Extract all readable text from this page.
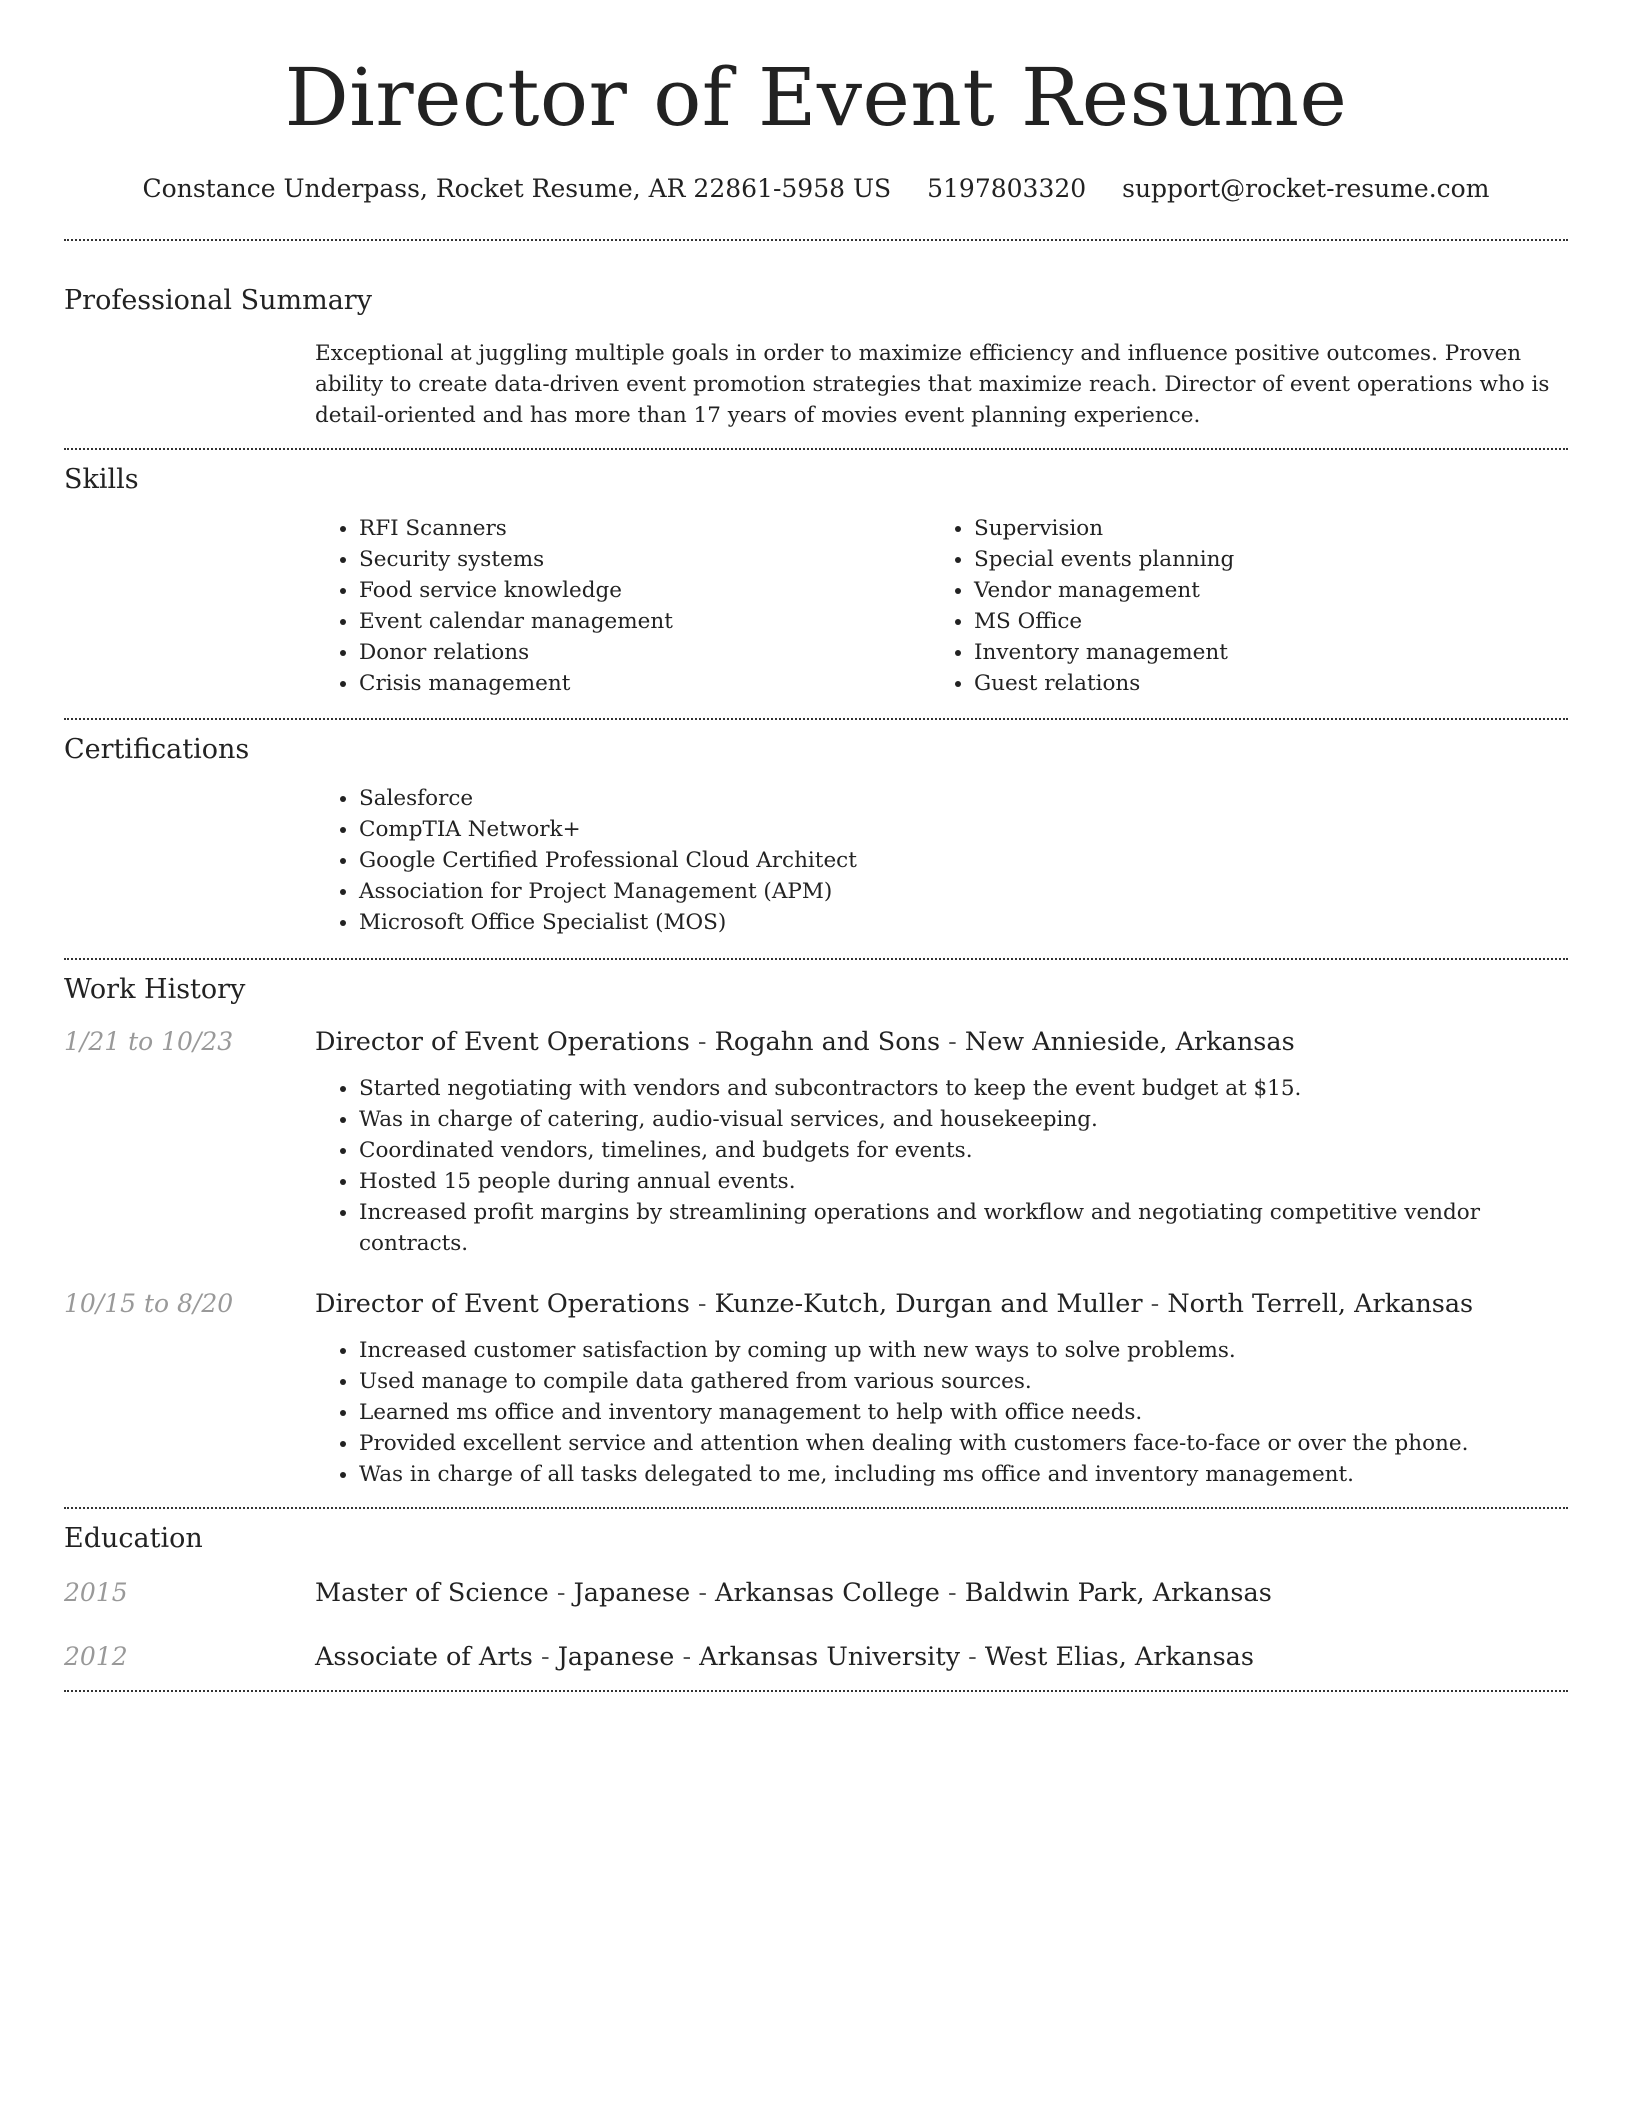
Director of Event Resume
Constance Underpass, Rocket Resume, AR 22861-5958 US 5197803320 support@rocket-resume.com
Professional Summary

Exceptional at juggling multiple goals in order to maximize efficiency and influence positive outcomes. Proven ability to create data-driven event promotion strategies that maximize reach. Director of event operations who is detail-oriented and has more than 17 years of movies event planning experience.

Skills
• RFI Scanners
• Security systems
• Food service knowledge
• Event calendar management
• Donor relations
• Crisis management
• Supervision
• Special events planning
• Vendor management
• MS Office
• Inventory management
• Guest relations
Certifications
• Salesforce
• CompTIA Network+
• Google Certified Professional Cloud Architect
• Association for Project Management (APM)
• Microsoft Office Specialist (MOS)
Work History
1/21 to 10/23	Director of Event Operations - Rogahn and Sons - New Annieside, Arkansas
• Started negotiating with vendors and subcontractors to keep the event budget at $15.
• Was in charge of catering, audio-visual services, and housekeeping.
• Coordinated vendors, timelines, and budgets for events.
• Hosted 15 people during annual events.
• Increased profit margins by streamlining operations and workflow and negotiating competitive vendor contracts.
10/15 to 8/20	Director of Event Operations - Kunze-Kutch, Durgan and Muller - North Terrell, Arkansas
• Increased customer satisfaction by coming up with new ways to solve problems.
• Used manage to compile data gathered from various sources.
• Learned ms office and inventory management to help with office needs.
• Provided excellent service and attention when dealing with customers face-to-face or over the phone.
• Was in charge of all tasks delegated to me, including ms office and inventory management.
Education
2015	Master of Science - Japanese - Arkansas College - Baldwin Park, Arkansas
2012	Associate of Arts - Japanese - Arkansas University - West Elias, Arkansas
